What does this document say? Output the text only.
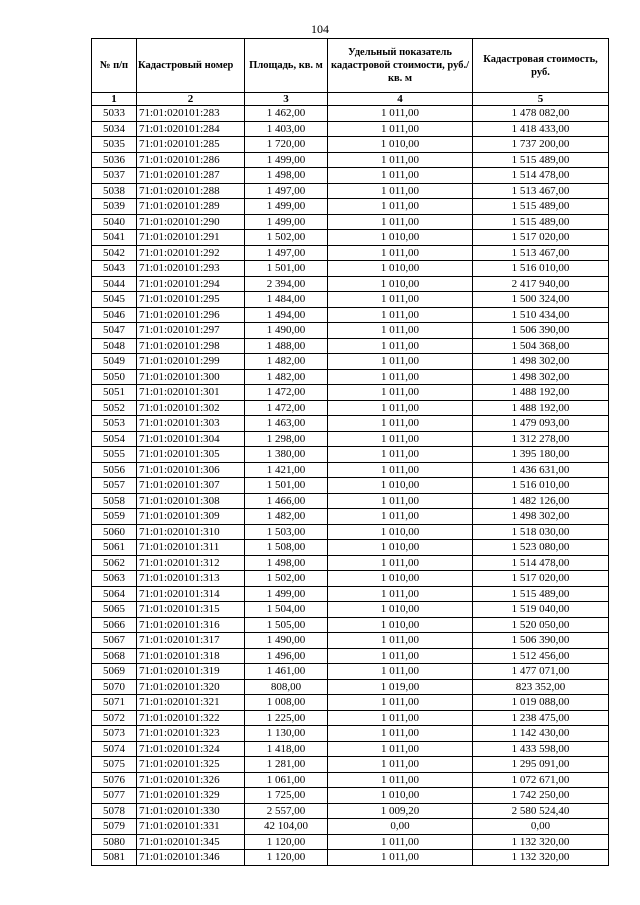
104
№ п/п	Кадастровый номер	Площадь, кв. м	Удельный показатель кадастровой стоимости, руб./кв. м	Кадастровая стоимость, руб.
1	2	3	4	5
5033	71:01:020101:283	1 462,00	1 011,00	1 478 082,00
5034	71:01:020101:284	1 403,00	1 011,00	1 418 433,00
5035	71:01:020101:285	1 720,00	1 010,00	1 737 200,00
5036	71:01:020101:286	1 499,00	1 011,00	1 515 489,00
5037	71:01:020101:287	1 498,00	1 011,00	1 514 478,00
5038	71:01:020101:288	1 497,00	1 011,00	1 513 467,00
5039	71:01:020101:289	1 499,00	1 011,00	1 515 489,00
5040	71:01:020101:290	1 499,00	1 011,00	1 515 489,00
5041	71:01:020101:291	1 502,00	1 010,00	1 517 020,00
5042	71:01:020101:292	1 497,00	1 011,00	1 513 467,00
5043	71:01:020101:293	1 501,00	1 010,00	1 516 010,00
5044	71:01:020101:294	2 394,00	1 010,00	2 417 940,00
5045	71:01:020101:295	1 484,00	1 011,00	1 500 324,00
5046	71:01:020101:296	1 494,00	1 011,00	1 510 434,00
5047	71:01:020101:297	1 490,00	1 011,00	1 506 390,00
5048	71:01:020101:298	1 488,00	1 011,00	1 504 368,00
5049	71:01:020101:299	1 482,00	1 011,00	1 498 302,00
5050	71:01:020101:300	1 482,00	1 011,00	1 498 302,00
5051	71:01:020101:301	1 472,00	1 011,00	1 488 192,00
5052	71:01:020101:302	1 472,00	1 011,00	1 488 192,00
5053	71:01:020101:303	1 463,00	1 011,00	1 479 093,00
5054	71:01:020101:304	1 298,00	1 011,00	1 312 278,00
5055	71:01:020101:305	1 380,00	1 011,00	1 395 180,00
5056	71:01:020101:306	1 421,00	1 011,00	1 436 631,00
5057	71:01:020101:307	1 501,00	1 010,00	1 516 010,00
5058	71:01:020101:308	1 466,00	1 011,00	1 482 126,00
5059	71:01:020101:309	1 482,00	1 011,00	1 498 302,00
5060	71:01:020101:310	1 503,00	1 010,00	1 518 030,00
5061	71:01:020101:311	1 508,00	1 010,00	1 523 080,00
5062	71:01:020101:312	1 498,00	1 011,00	1 514 478,00
5063	71:01:020101:313	1 502,00	1 010,00	1 517 020,00
5064	71:01:020101:314	1 499,00	1 011,00	1 515 489,00
5065	71:01:020101:315	1 504,00	1 010,00	1 519 040,00
5066	71:01:020101:316	1 505,00	1 010,00	1 520 050,00
5067	71:01:020101:317	1 490,00	1 011,00	1 506 390,00
5068	71:01:020101:318	1 496,00	1 011,00	1 512 456,00
5069	71:01:020101:319	1 461,00	1 011,00	1 477 071,00
5070	71:01:020101:320	808,00	1 019,00	823 352,00
5071	71:01:020101:321	1 008,00	1 011,00	1 019 088,00
5072	71:01:020101:322	1 225,00	1 011,00	1 238 475,00
5073	71:01:020101:323	1 130,00	1 011,00	1 142 430,00
5074	71:01:020101:324	1 418,00	1 011,00	1 433 598,00
5075	71:01:020101:325	1 281,00	1 011,00	1 295 091,00
5076	71:01:020101:326	1 061,00	1 011,00	1 072 671,00
5077	71:01:020101:329	1 725,00	1 010,00	1 742 250,00
5078	71:01:020101:330	2 557,00	1 009,20	2 580 524,40
5079	71:01:020101:331	42 104,00	0,00	0,00
5080	71:01:020101:345	1 120,00	1 011,00	1 132 320,00
5081	71:01:020101:346	1 120,00	1 011,00	1 132 320,00
